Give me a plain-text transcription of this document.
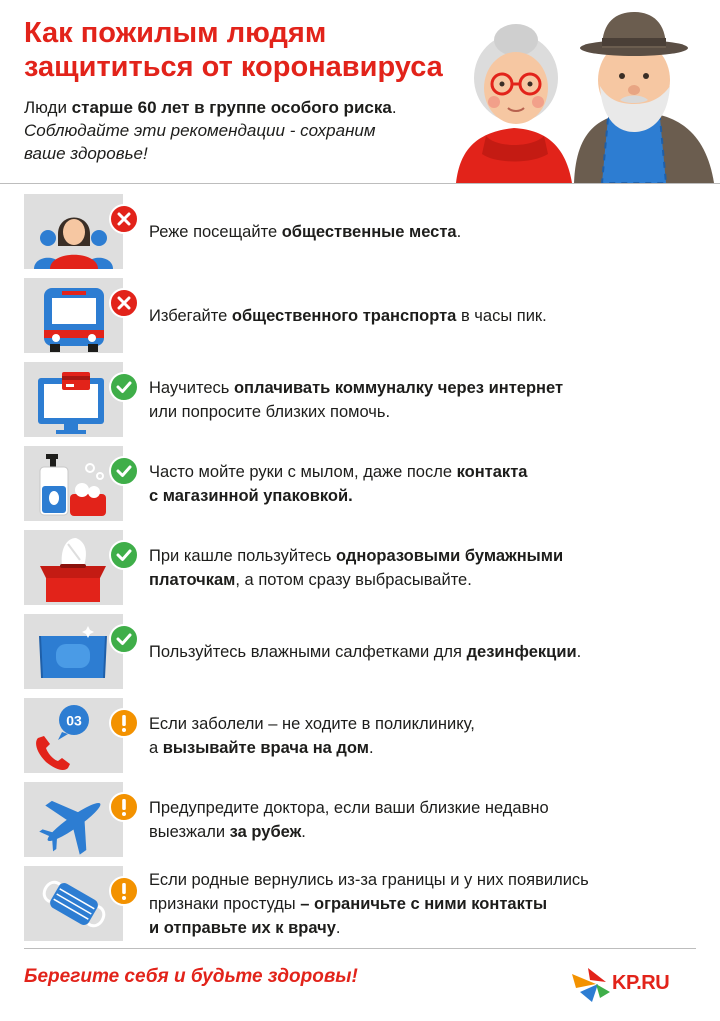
Как пожилым людям
защититься от коронавируса
Люди старше 60 лет в группе особого риска.
Соблюдайте эти рекомендации - сохраним
ваше здоровье!
Реже посещайте общественные места.
Избегайте общественного транспорта в часы пик.
Научитесь оплачивать коммуналку через интернет
или попросите близких помочь.
Часто мойте руки с мылом, даже после контакта
с магазинной упаковкой.
При кашле пользуйтесь одноразовыми бумажными
платочкам, а потом сразу выбрасывайте.
Пользуйтесь влажными салфетками для дезинфекции.
03	Если заболели – не ходите в поликлинику,
а вызывайте врача на дом.
Предупредите доктора, если ваши близкие недавно
выезжали за рубеж.
Если родные вернулись из-за границы и у них появились
признаки простуды – ограничьте с ними контакты
и отправьте их к врачу.
Берегите себя и будьте здоровы!	KP.RU
